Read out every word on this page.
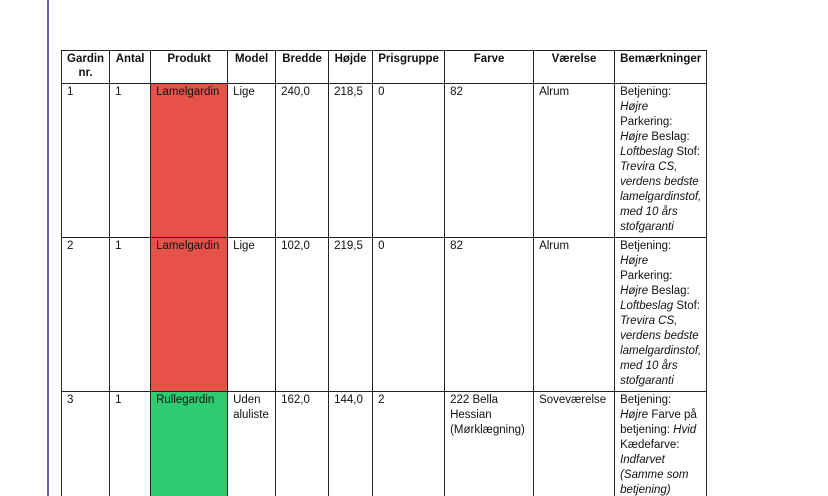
Gardin nr.	Antal	Produkt	Model	Bredde	Højde	Prisgruppe	Farve	Værelse	Bemærkninger
1	1	Lamelgardin	Lige	240,0	218,5	0	82	Alrum	Betjening: Højre Parkering: Højre Beslag: Loftbeslag Stof: Trevira CS, verdens bedste lamelgardinstof, med 10 års stofgaranti
2	1	Lamelgardin	Lige	102,0	219,5	0	82	Alrum	Betjening: Højre Parkering: Højre Beslag: Loftbeslag Stof: Trevira CS, verdens bedste lamelgardinstof, med 10 års stofgaranti
3	1	Rullegardin	Uden aluliste	162,0	144,0	2	222 Bella Hessian (Mørklægning)	Soveværelse	Betjening: Højre Farve på betjening: Hvid Kædefarve: Indfarvet (Samme som betjening)
